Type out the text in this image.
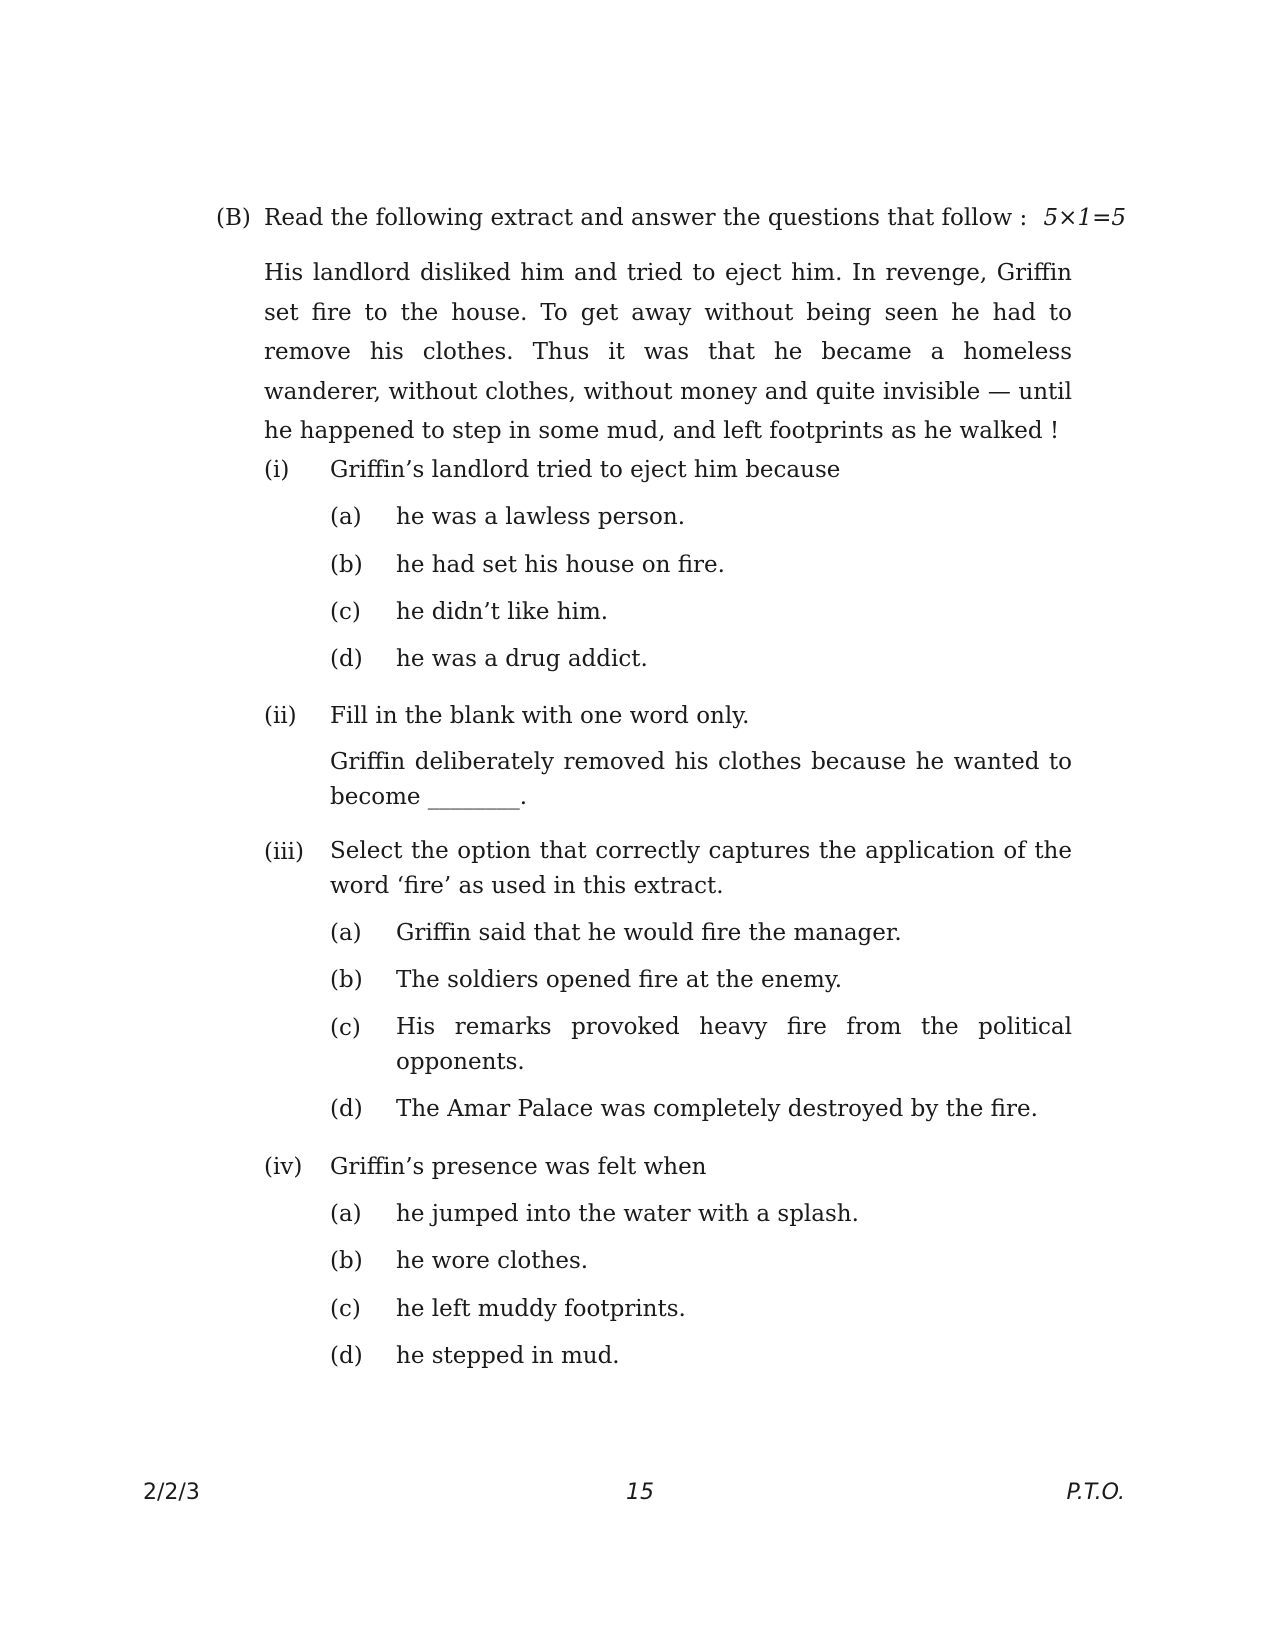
(B) Read the following extract and answer the questions that follow : 5×1=5

His landlord disliked him and tried to eject him. In revenge, Griffin set fire to the house. To get away without being seen he had to remove his clothes. Thus it was that he became a homeless wanderer, without clothes, without money and quite invisible — until he happened to step in some mud, and left footprints as he walked !

(i) Griffin’s landlord tried to eject him because
(a) he was a lawless person.
(b) he had set his house on fire.
(c) he didn’t like him.
(d) he was a drug addict.
(ii) Fill in the blank with one word only.
Griffin deliberately removed his clothes because he wanted to become ________.
(iii) Select the option that correctly captures the application of the word ‘fire’ as used in this extract.
(a) Griffin said that he would fire the manager.
(b) The soldiers opened fire at the enemy.
(c) His remarks provoked heavy fire from the political opponents.
(d) The Amar Palace was completely destroyed by the fire.
(iv) Griffin’s presence was felt when
(a) he jumped into the water with a splash.
(b) he wore clothes.
(c) he left muddy footprints.
(d) he stepped in mud.
2/2/3	15	P.T.O.
